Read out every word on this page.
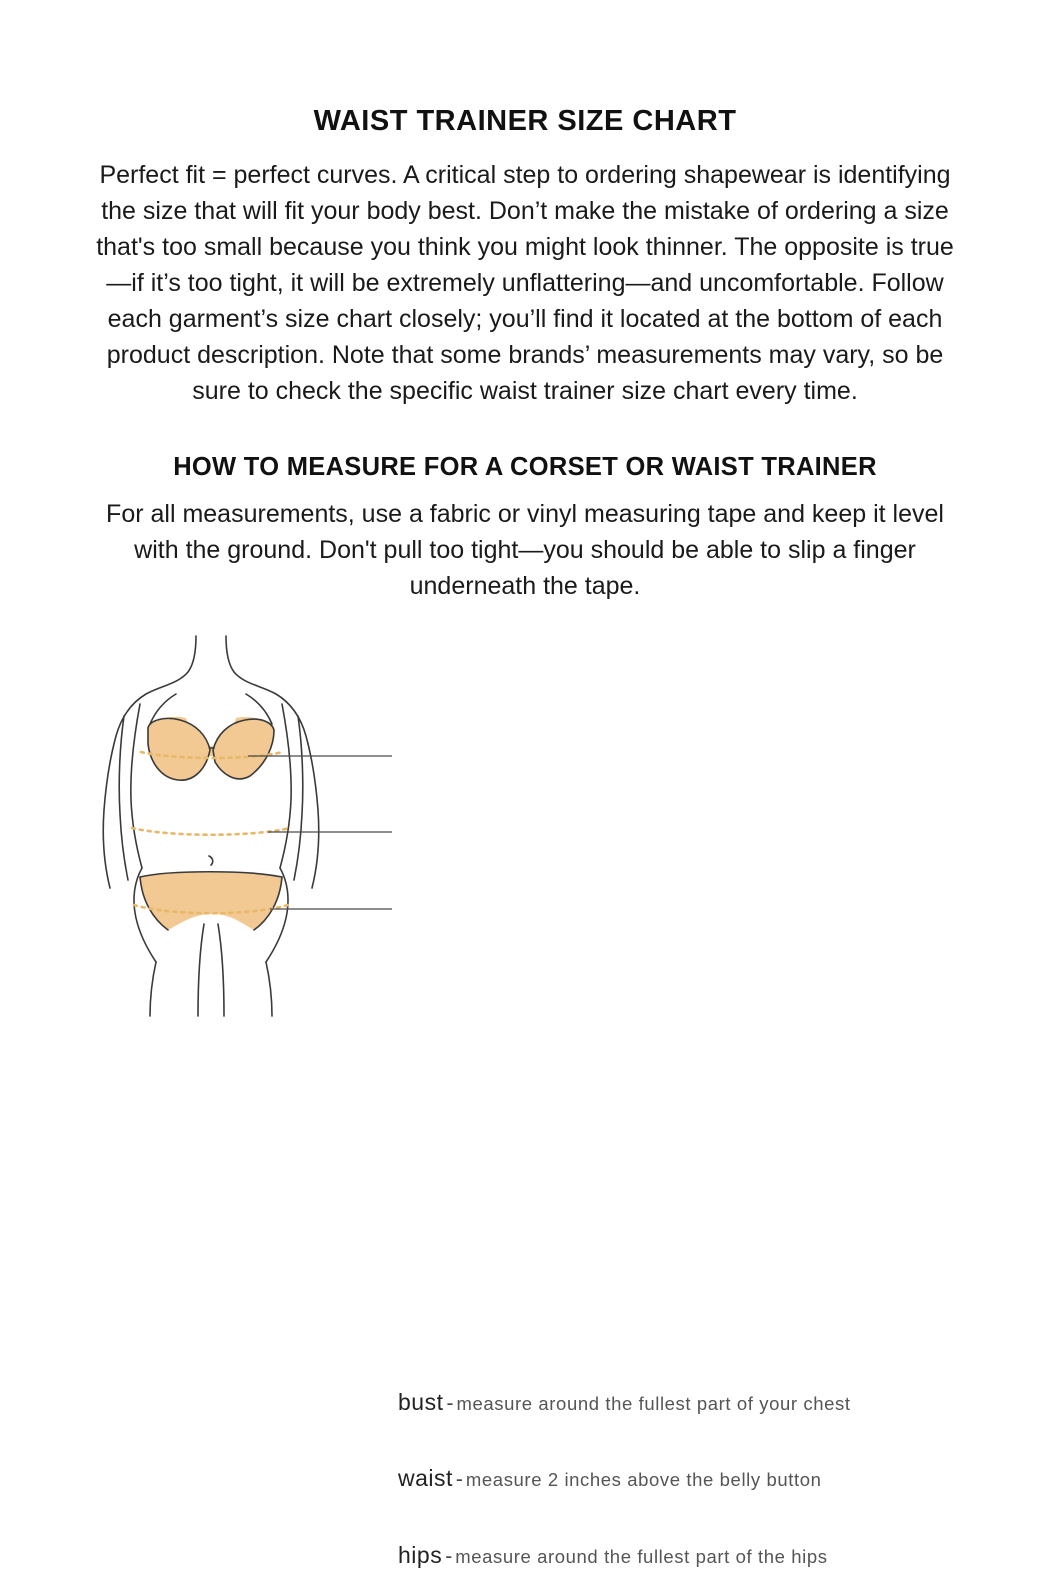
WAIST TRAINER SIZE CHART

Perfect fit = perfect curves. A critical step to ordering shapewear is identifying the size that will fit your body best. Don’t make the mistake of ordering a size that's too small because you think you might look thinner. The opposite is true—if it’s too tight, it will be extremely unflattering—and uncomfortable. Follow each garment’s size chart closely; you’ll find it located at the bottom of each product description. Note that some brands’ measurements may vary, so be sure to check the specific waist trainer size chart every time.

HOW TO MEASURE FOR A CORSET OR WAIST TRAINER

For all measurements, use a fabric or vinyl measuring tape and keep it level with the ground. Don't pull too tight—you should be able to slip a finger underneath the tape.

bust - measure around the fullest part of your chest
waist - measure 2 inches above the belly button
hips - measure around the fullest part of the hips
